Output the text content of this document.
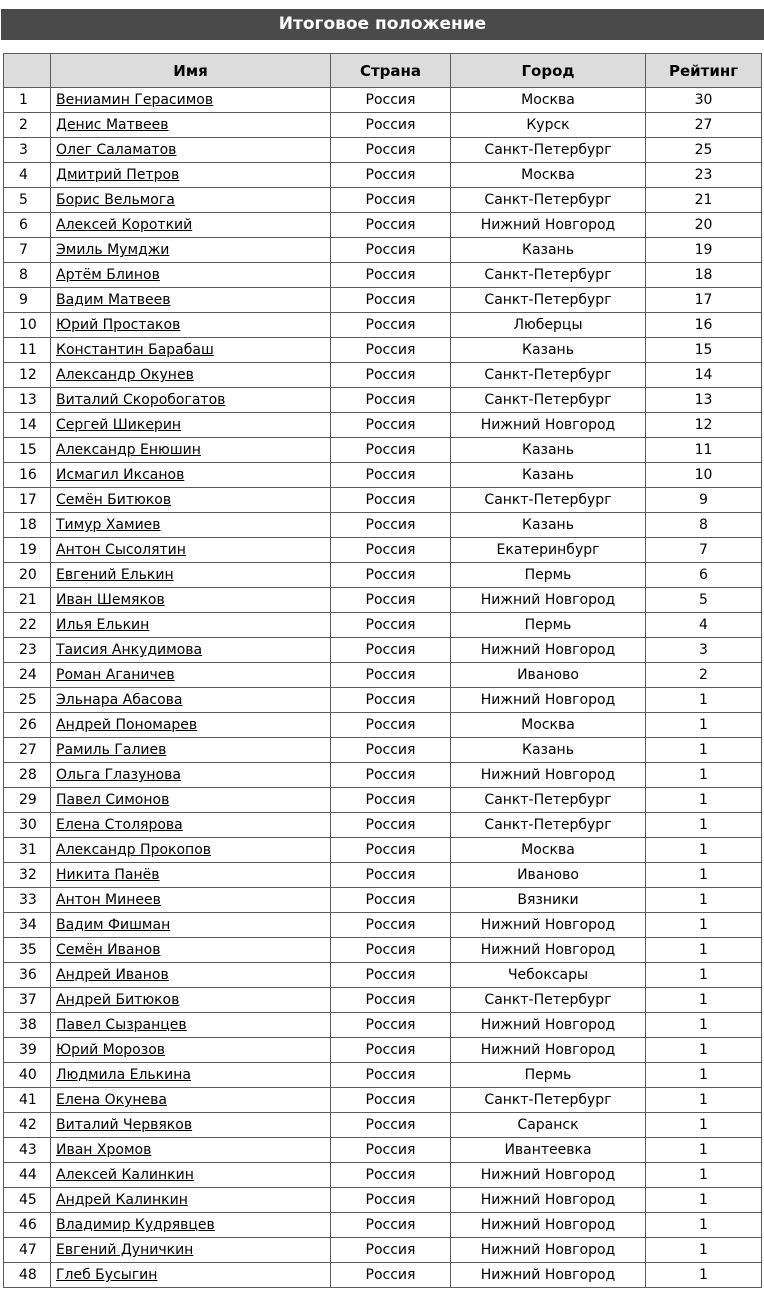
Итоговое положение
	Имя	Страна	Город	Рейтинг
1	Вениамин Герасимов	Россия	Москва	30
2	Денис Матвеев	Россия	Курск	27
3	Олег Саламатов	Россия	Санкт-Петербург	25
4	Дмитрий Петров	Россия	Москва	23
5	Борис Вельмога	Россия	Санкт-Петербург	21
6	Алексей Короткий	Россия	Нижний Новгород	20
7	Эмиль Мумджи	Россия	Казань	19
8	Артём Блинов	Россия	Санкт-Петербург	18
9	Вадим Матвеев	Россия	Санкт-Петербург	17
10	Юрий Простаков	Россия	Люберцы	16
11	Константин Барабаш	Россия	Казань	15
12	Александр Окунев	Россия	Санкт-Петербург	14
13	Виталий Скоробогатов	Россия	Санкт-Петербург	13
14	Сергей Шикерин	Россия	Нижний Новгород	12
15	Александр Енюшин	Россия	Казань	11
16	Исмагил Иксанов	Россия	Казань	10
17	Семён Битюков	Россия	Санкт-Петербург	9
18	Тимур Хамиев	Россия	Казань	8
19	Антон Сысолятин	Россия	Екатеринбург	7
20	Евгений Елькин	Россия	Пермь	6
21	Иван Шемяков	Россия	Нижний Новгород	5
22	Илья Елькин	Россия	Пермь	4
23	Таисия Анкудимова	Россия	Нижний Новгород	3
24	Роман Аганичев	Россия	Иваново	2
25	Эльнара Абасова	Россия	Нижний Новгород	1
26	Андрей Пономарев	Россия	Москва	1
27	Рамиль Галиев	Россия	Казань	1
28	Ольга Глазунова	Россия	Нижний Новгород	1
29	Павел Симонов	Россия	Санкт-Петербург	1
30	Елена Столярова	Россия	Санкт-Петербург	1
31	Александр Прокопов	Россия	Москва	1
32	Никита Панёв	Россия	Иваново	1
33	Антон Минеев	Россия	Вязники	1
34	Вадим Фишман	Россия	Нижний Новгород	1
35	Семён Иванов	Россия	Нижний Новгород	1
36	Андрей Иванов	Россия	Чебоксары	1
37	Андрей Битюков	Россия	Санкт-Петербург	1
38	Павел Сызранцев	Россия	Нижний Новгород	1
39	Юрий Морозов	Россия	Нижний Новгород	1
40	Людмила Елькина	Россия	Пермь	1
41	Елена Окунева	Россия	Санкт-Петербург	1
42	Виталий Червяков	Россия	Саранск	1
43	Иван Хромов	Россия	Ивантеевка	1
44	Алексей Калинкин	Россия	Нижний Новгород	1
45	Андрей Калинкин	Россия	Нижний Новгород	1
46	Владимир Кудрявцев	Россия	Нижний Новгород	1
47	Евгений Дуничкин	Россия	Нижний Новгород	1
48	Глеб Бусыгин	Россия	Нижний Новгород	1
